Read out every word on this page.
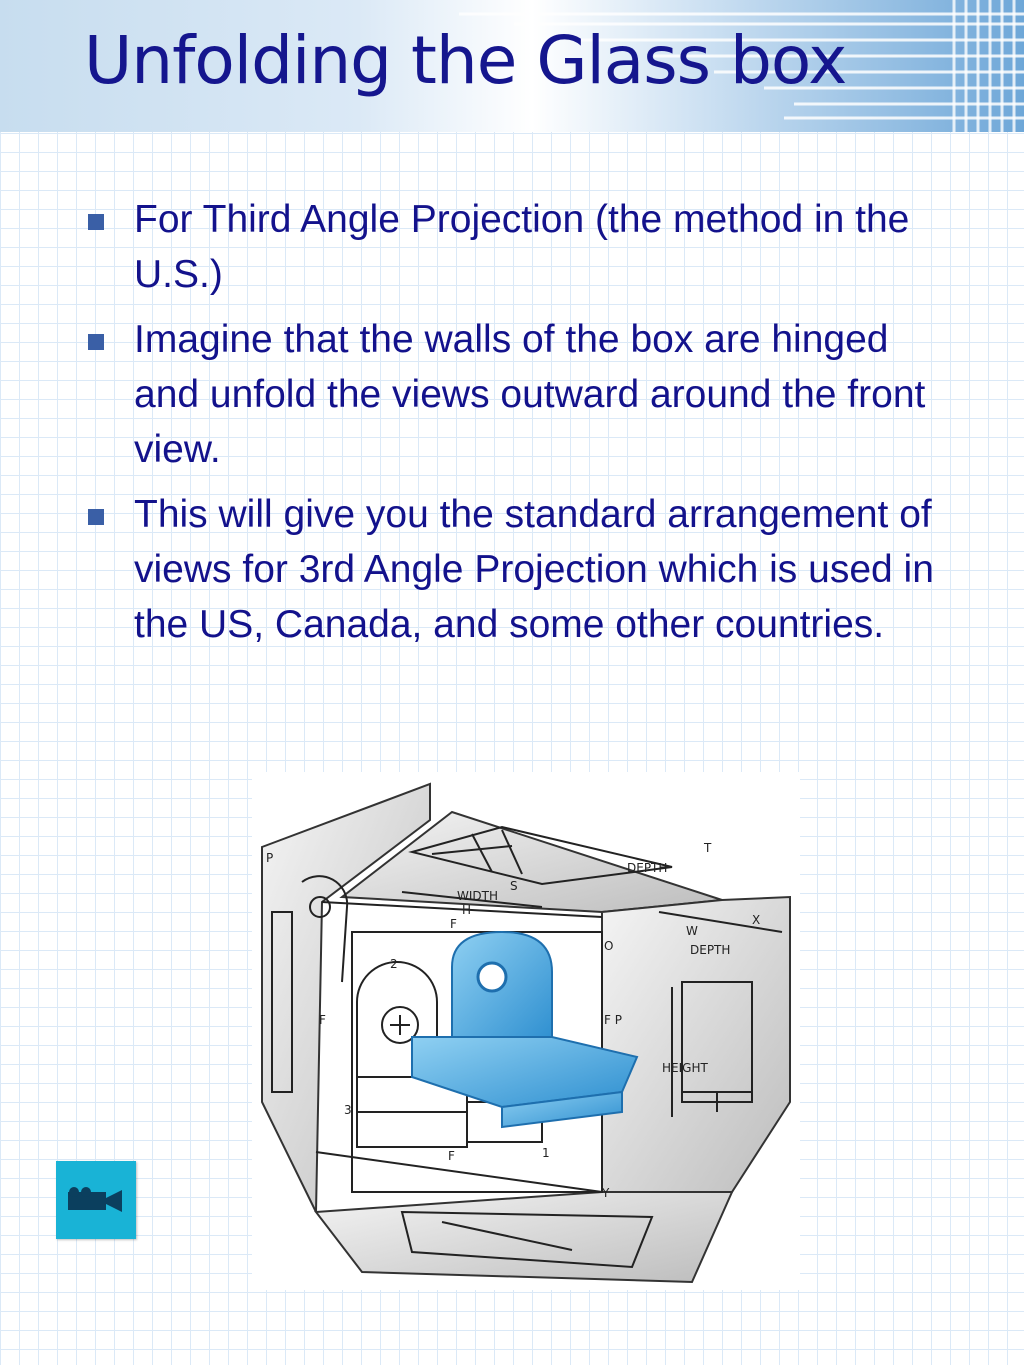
Unfolding the Glass box
For Third Angle Projection (the method in the U.S.)
Imagine that the walls of the box are hinged and unfold the views outward around the front view.
This will give you the standard arrangement of views for 3rd Angle Projection which is used in the US, Canada, and some other countries.
WIDTH
DEPTH
DEPTH
HEIGHT
W
X
Y
O
H
T
S
F
F
F
F P
P
1
2
3
